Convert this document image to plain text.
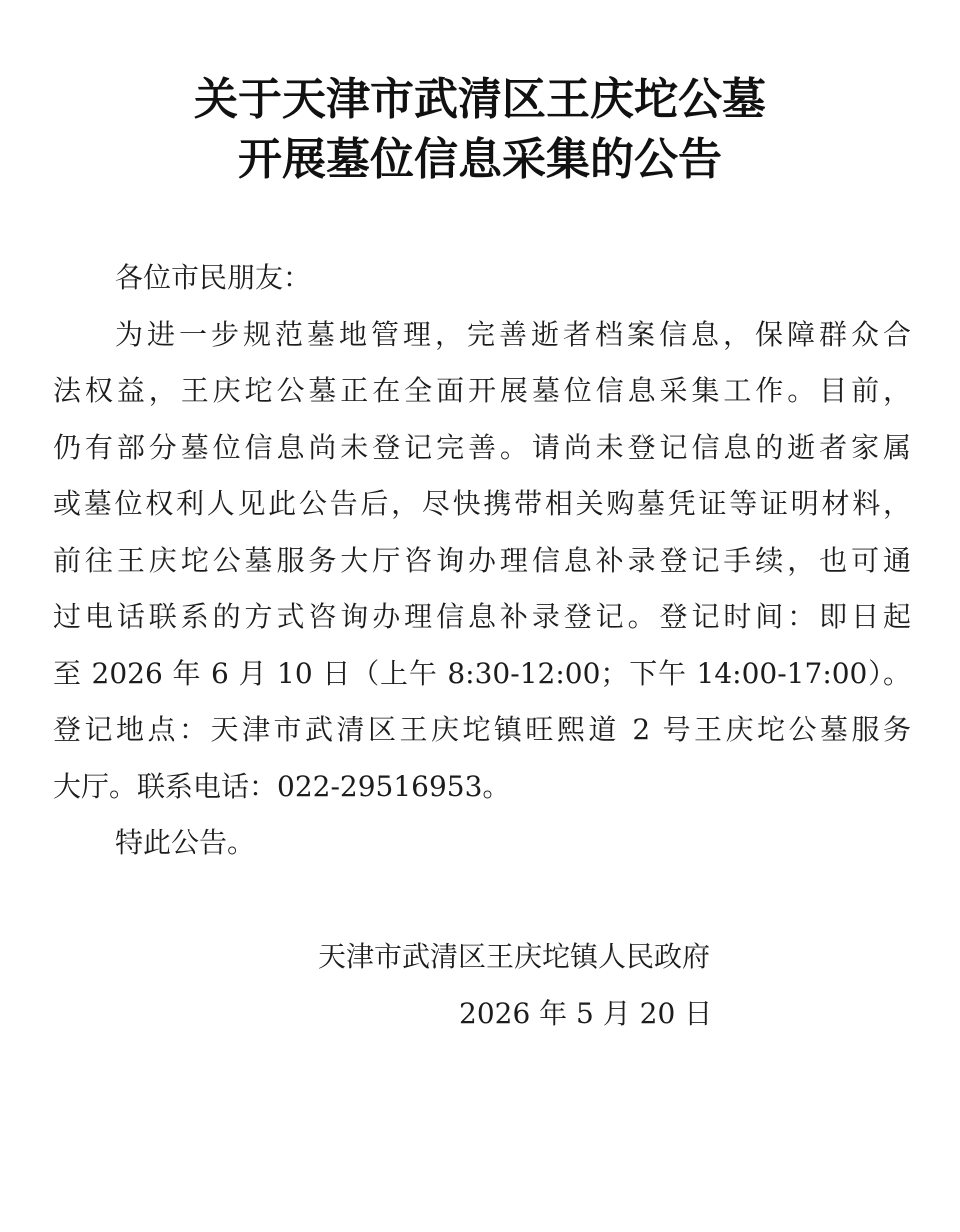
关于天津市武清区王庆坨公墓
开展墓位信息采集的公告

各位市民朋友：

为进一步规范墓地管理，完善逝者档案信息，保障群众合
法权益，王庆坨公墓正在全面开展墓位信息采集工作。目前，
仍有部分墓位信息尚未登记完善。请尚未登记信息的逝者家属
或墓位权利人见此公告后，尽快携带相关购墓凭证等证明材料，
前往王庆坨公墓服务大厅咨询办理信息补录登记手续，也可通
过电话联系的方式咨询办理信息补录登记。登记时间：即日起
至 2026 年 6 月 10 日（上午 8:30-12:00；下午 14:00-17:00）。
登记地点：天津市武清区王庆坨镇旺熙道 2 号王庆坨公墓服务
大厅。联系电话：022-29516953。

特此公告。

天津市武清区王庆坨镇人民政府
2026 年 5 月 20 日
